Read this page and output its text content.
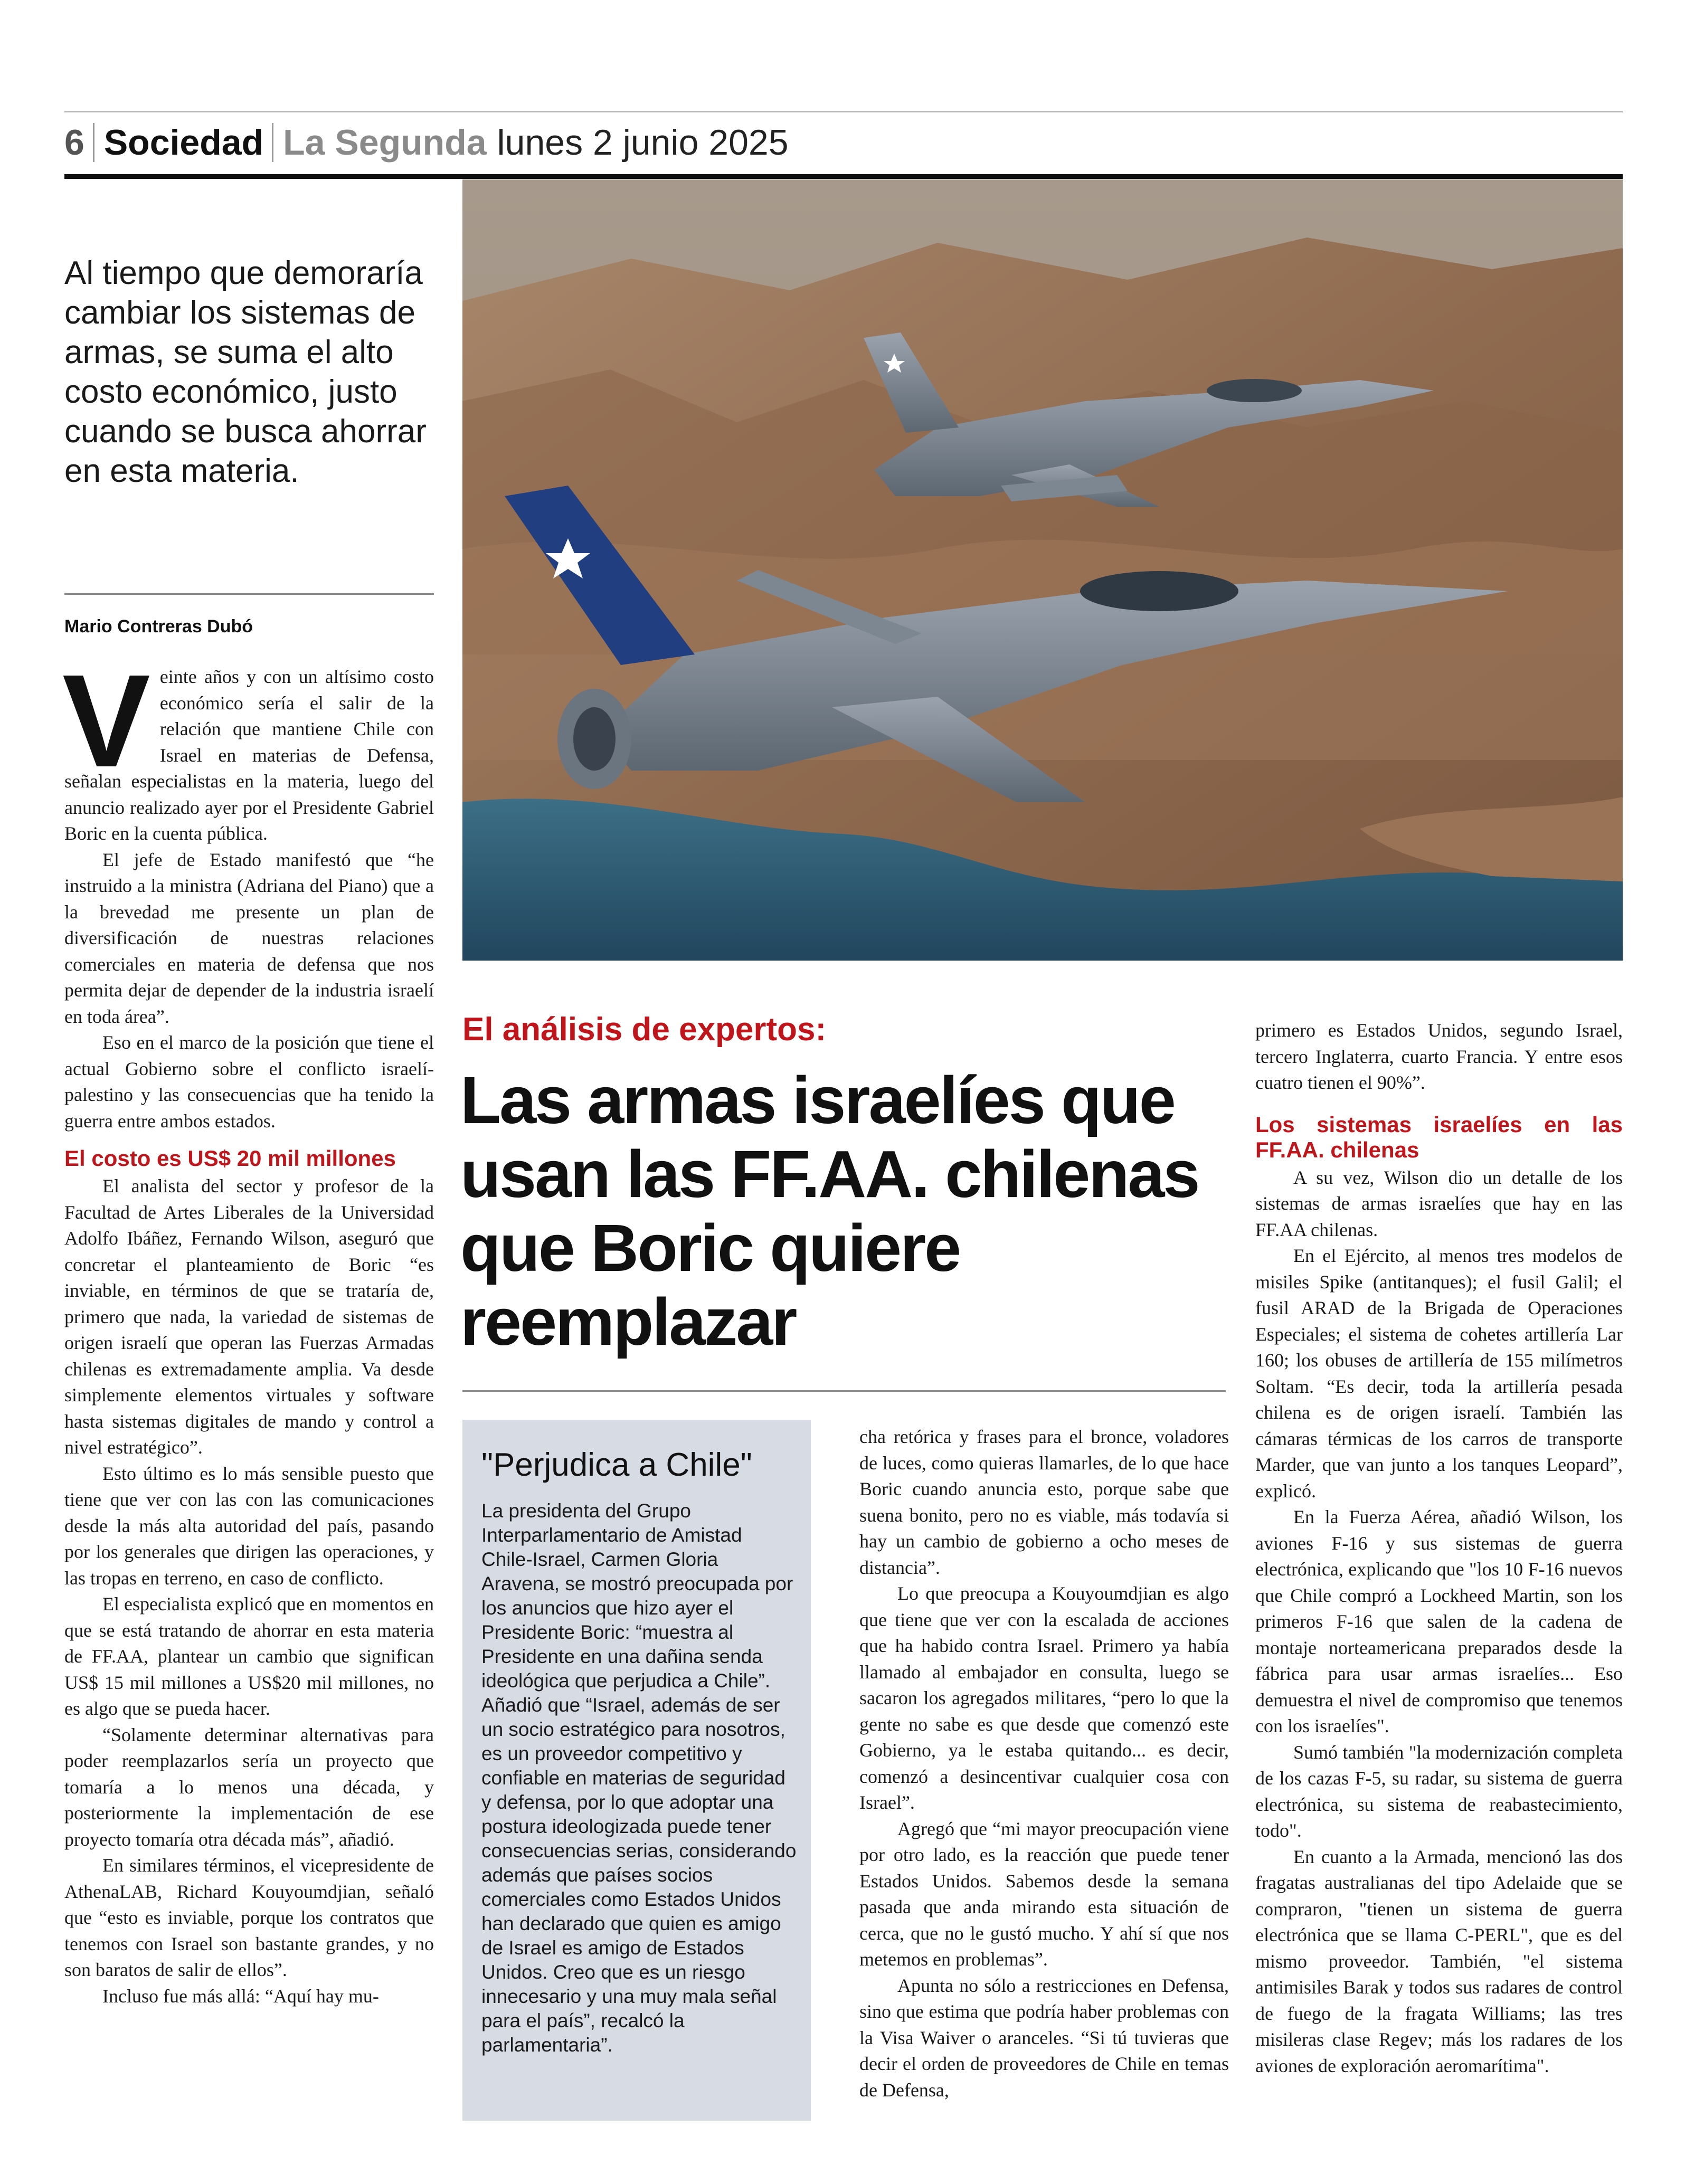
6 Sociedad La Segunda lunes 2 junio 2025
Al tiempo que demoraría cambiar los sistemas de armas, se suma el alto costo económico, justo cuando se busca ahorrar en esta materia.
Mario Contreras Dubó

Veinte años y con un altísimo costo económico sería el salir de la relación que mantiene Chile con Israel en materias de Defensa, señalan especialistas en la materia, luego del anuncio realizado ayer por el Presidente Gabriel Boric en la cuenta pública.

El jefe de Estado manifestó que “he instruido a la ministra (Adriana del Piano) que a la brevedad me presente un plan de diversificación de nuestras relaciones comerciales en materia de defensa que nos permita dejar de depender de la industria israelí en toda área”.

Eso en el marco de la posición que tiene el actual Gobierno sobre el conflicto israelí-palestino y las consecuencias que ha tenido la guerra entre ambos estados.

El costo es US$ 20 mil millones

El analista del sector y profesor de la Facultad de Artes Liberales de la Universidad Adolfo Ibáñez, Fernando Wilson, aseguró que concretar el planteamiento de Boric “es inviable, en términos de que se trataría de, primero que nada, la variedad de sistemas de origen israelí que operan las Fuerzas Armadas chilenas es extremadamente amplia. Va desde simplemente elementos virtuales y software hasta sistemas digitales de mando y control a nivel estratégico”.

Esto último es lo más sensible puesto que tiene que ver con las con las comunicaciones desde la más alta autoridad del país, pasando por los generales que dirigen las operaciones, y las tropas en terreno, en caso de conflicto.

El especialista explicó que en momentos en que se está tratando de ahorrar en esta materia de FF.AA, plantear un cambio que significan US$ 15 mil millones a US$20 mil millones, no es algo que se pueda hacer.

“Solamente determinar alternativas para poder reemplazarlos sería un proyecto que tomaría a lo menos una década, y posteriormente la implementación de ese proyecto tomaría otra década más”, añadió.

En similares términos, el vicepresidente de AthenaLAB, Richard Kouyoumdjian, señaló que “esto es inviable, porque los contratos que tenemos con Israel son bastante grandes, y no son baratos de salir de ellos”.

Incluso fue más allá: “Aquí hay mu-

El análisis de expertos:
Las armas israelíes que usan las FF.AA. chilenas que Boric quiere reemplazar
"Perjudica a Chile"

La presidenta del Grupo Interparlamentario de Amistad Chile-Israel, Carmen Gloria Aravena, se mostró preocupada por los anuncios que hizo ayer el Presidente Boric: “muestra al Presidente en una dañina senda ideológica que perjudica a Chile”.

Añadió que “Israel, además de ser un socio estratégico para nosotros, es un proveedor competitivo y confiable en materias de seguridad y defensa, por lo que adoptar una postura ideologizada puede tener consecuencias serias, considerando además que países socios comerciales como Estados Unidos han declarado que quien es amigo de Israel es amigo de Estados Unidos. Creo que es un riesgo innecesario y una muy mala señal para el país”, recalcó la parlamentaria”.

cha retórica y frases para el bronce, voladores de luces, como quieras llamarles, de lo que hace Boric cuando anuncia esto, porque sabe que suena bonito, pero no es viable, más todavía si hay un cambio de gobierno a ocho meses de distancia”.

Lo que preocupa a Kouyoumdjian es algo que tiene que ver con la escalada de acciones que ha habido contra Israel. Primero ya había llamado al embajador en consulta, luego se sacaron los agregados militares, “pero lo que la gente no sabe es que desde que comenzó este Gobierno, ya le estaba quitando... es decir, comenzó a desincentivar cualquier cosa con Israel”.

Agregó que “mi mayor preocupación viene por otro lado, es la reacción que puede tener Estados Unidos. Sabemos desde la semana pasada que anda mirando esta situación de cerca, que no le gustó mucho. Y ahí sí que nos metemos en problemas”.

Apunta no sólo a restricciones en Defensa, sino que estima que podría haber problemas con la Visa Waiver o aranceles. “Si tú tuvieras que decir el orden de proveedores de Chile en temas de Defensa,

primero es Estados Unidos, segundo Israel, tercero Inglaterra, cuarto Francia. Y entre esos cuatro tienen el 90%”.

Los sistemas israelíes en las FF.AA. chilenas

A su vez, Wilson dio un detalle de los sistemas de armas israelíes que hay en las FF.AA chilenas.

En el Ejército, al menos tres modelos de misiles Spike (antitanques); el fusil Galil; el fusil ARAD de la Brigada de Operaciones Especiales; el sistema de cohetes artillería Lar 160; los obuses de artillería de 155 milímetros Soltam. “Es decir, toda la artillería pesada chilena es de origen israelí. También las cámaras térmicas de los carros de transporte Marder, que van junto a los tanques Leopard”, explicó.

En la Fuerza Aérea, añadió Wilson, los aviones F-16 y sus sistemas de guerra electrónica, explicando que "los 10 F-16 nuevos que Chile compró a Lockheed Martin, son los primeros F-16 que salen de la cadena de montaje norteamericana preparados desde la fábrica para usar armas israelíes... Eso demuestra el nivel de compromiso que tenemos con los israelíes".

Sumó también "la modernización completa de los cazas F-5, su radar, su sistema de guerra electrónica, su sistema de reabastecimiento, todo".

En cuanto a la Armada, mencionó las dos fragatas australianas del tipo Adelaide que se compraron, "tienen un sistema de guerra electrónica que se llama C-PERL", que es del mismo proveedor. También, "el sistema antimisiles Barak y todos sus radares de control de fuego de la fragata Williams; las tres misileras clase Regev; más los radares de los aviones de exploración aeromarítima".
